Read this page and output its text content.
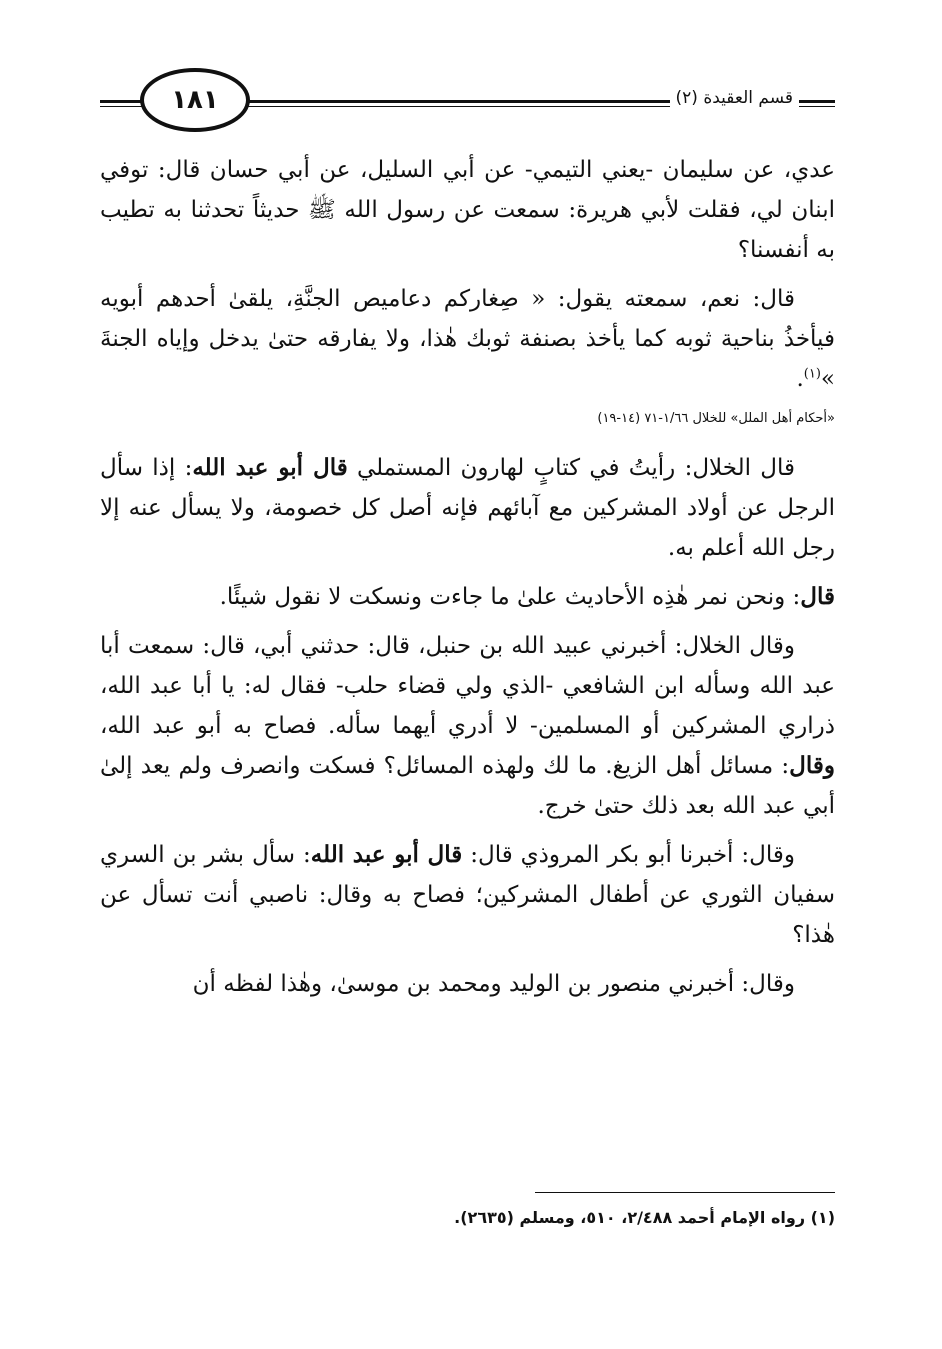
١٨١	قسم العقيدة (٢)

عدي، عن سليمان -يعني التيمي- عن أبي السليل، عن أبي حسان قال: توفي ابنان لي، فقلت لأبي هريرة: سمعت عن رسول الله ﷺ حديثاً تحدثنا به تطيب به أنفسنا؟

قال: نعم، سمعته يقول: « صِغاركم دعاميص الجنَّةِ، يلقىٰ أحدهم أبويه فيأخذُ بناحية ثوبه كما يأخذ بصنفة ثوبك هٰذا، ولا يفارقه حتىٰ يدخل وإياه الجنةَ »$^{(١)}$.

«أحكام أهل الملل» للخلال ١/٦٦-٧١ (١٤-١٩)

قال الخلال: رأيتُ في كتابٍ لهارون المستملي قال أبو عبد الله: إذا سأل الرجل عن أولاد المشركين مع آبائهم فإنه أصل كل خصومة، ولا يسأل عنه إلا رجل الله أعلم به.

قال: ونحن نمر هٰذِه الأحاديث علىٰ ما جاءت ونسكت لا نقول شيئًا.

وقال الخلال: أخبرني عبيد الله بن حنبل، قال: حدثني أبي، قال: سمعت أبا عبد الله وسأله ابن الشافعي -الذي ولي قضاء حلب- فقال له: يا أبا عبد الله، ذراري المشركين أو المسلمين- لا أدري أيهما سأله. فصاح به أبو عبد الله، وقال: مسائل أهل الزيغ. ما لك ولهذه المسائل؟ فسكت وانصرف ولم يعد إلىٰ أبي عبد الله بعد ذلك حتىٰ خرج.

وقال: أخبرنا أبو بكر المروذي قال: قال أبو عبد الله: سأل بشر بن السري سفيان الثوري عن أطفال المشركين؛ فصاح به وقال: ناصبي أنت تسأل عن هٰذا؟

وقال: أخبرني منصور بن الوليد ومحمد بن موسىٰ، وهٰذا لفظه أن

(١) رواه الإمام أحمد ٢/٤٨٨، ٥١٠، ومسلم (٢٦٣٥).
